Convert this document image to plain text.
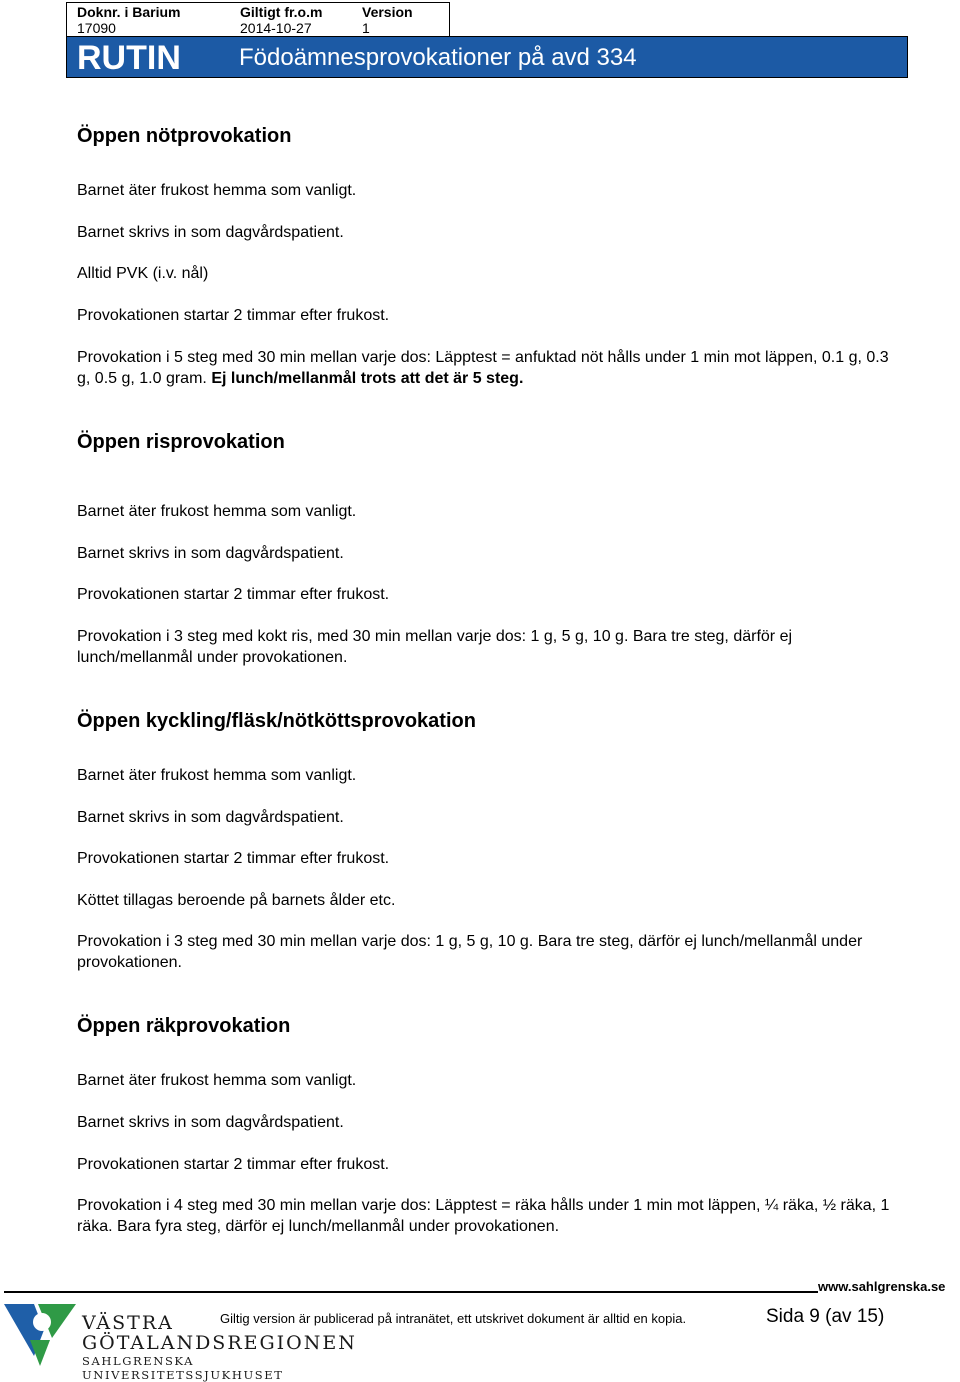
Doknr. i Barium
17090
Giltigt fr.o.m
2014-10-27
Version
1
RUTIN Födoämnesprovokationer på avd 334
Öppen nötprovokation

Barnet äter frukost hemma som vanligt.

Barnet skrivs in som dagvårdspatient.

Alltid PVK (i.v. nål)

Provokationen startar 2 timmar efter frukost.

Provokation i 5 steg med 30 min mellan varje dos: Läpptest = anfuktad nöt hålls under 1 min mot läppen, 0.1 g, 0.3 g, 0.5 g, 1.0 gram. Ej lunch/mellanmål trots att det är 5 steg.

Öppen risprovokation

Barnet äter frukost hemma som vanligt.

Barnet skrivs in som dagvårdspatient.

Provokationen startar 2 timmar efter frukost.

Provokation i 3 steg med kokt ris, med 30 min mellan varje dos: 1 g, 5 g, 10 g. Bara tre steg, därför ej lunch/mellanmål under provokationen.

Öppen kyckling/fläsk/nötköttsprovokation

Barnet äter frukost hemma som vanligt.

Barnet skrivs in som dagvårdspatient.

Provokationen startar 2 timmar efter frukost.

Köttet tillagas beroende på barnets ålder etc.

Provokation i 3 steg med 30 min mellan varje dos: 1 g, 5 g, 10 g. Bara tre steg, därför ej lunch/mellanmål under provokationen.

Öppen räkprovokation

Barnet äter frukost hemma som vanligt.

Barnet skrivs in som dagvårdspatient.

Provokationen startar 2 timmar efter frukost.

Provokation i 4 steg med 30 min mellan varje dos: Läpptest = räka hålls under 1 min mot läppen, ¼ räka, ½ räka, 1 räka. Bara fyra steg, därför ej lunch/mellanmål under provokationen.

www.sahlgrenska.se
Giltig version är publicerad på intranätet, ett utskrivet dokument är alltid en kopia.	Sida 9 (av 15)
VÄSTRA
GÖTALANDSREGIONEN
SAHLGRENSKA UNIVERSITETSSJUKHUSET
